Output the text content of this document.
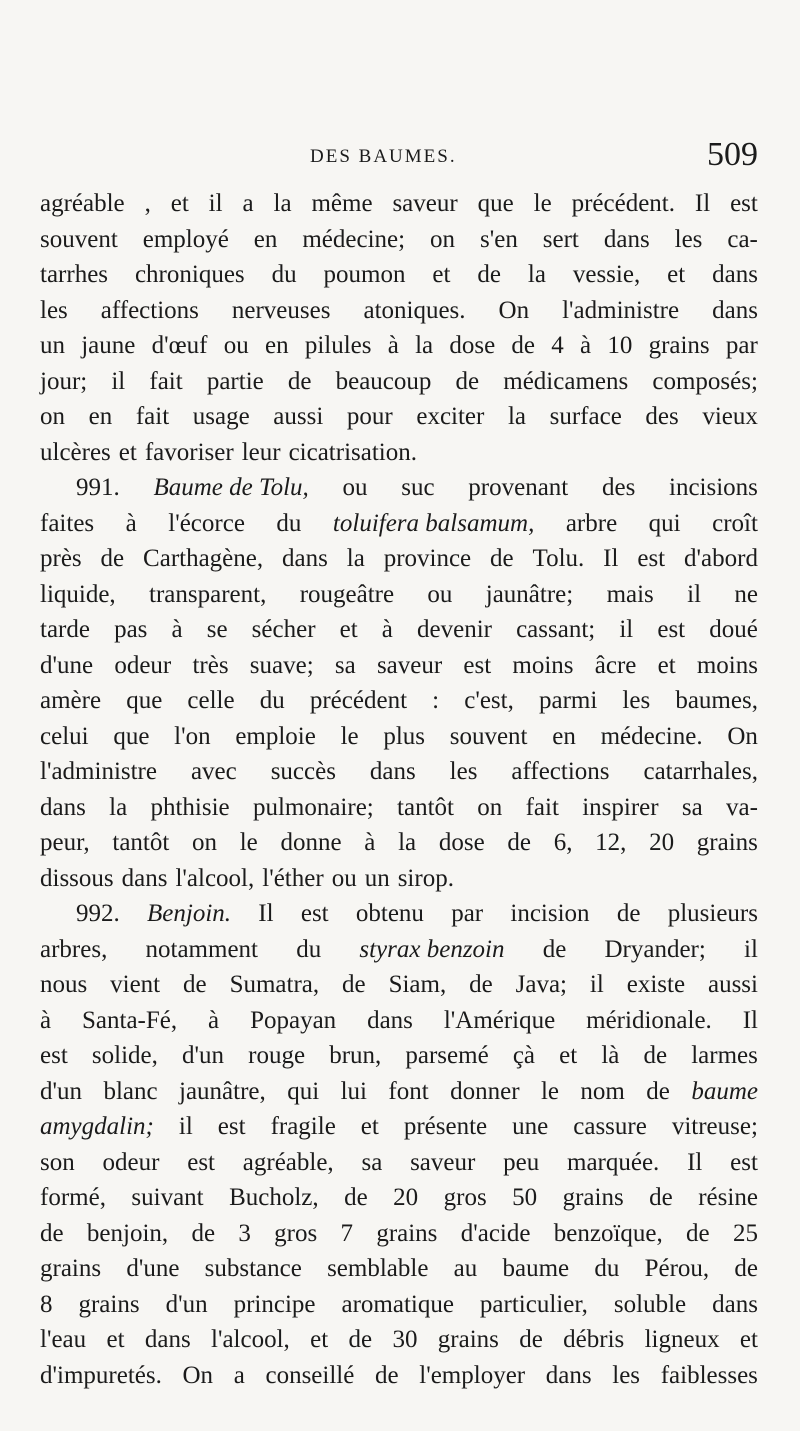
DES BAUMES.	509
agréable , et il a la même saveur que le précédent. Il est
souvent employé en médecine; on s'en sert dans les ca-
tarrhes chroniques du poumon et de la vessie, et dans
les affections nerveuses atoniques. On l'administre dans
un jaune d'œuf ou en pilules à la dose de 4 à 10 grains par
jour; il fait partie de beaucoup de médicamens composés;
on en fait usage aussi pour exciter la surface des vieux
ulcères et favoriser leur cicatrisation.
991. Baume de Tolu, ou suc provenant des incisions
faites à l'écorce du toluifera balsamum, arbre qui croît
près de Carthagène, dans la province de Tolu. Il est d'abord
liquide, transparent, rougeâtre ou jaunâtre; mais il ne
tarde pas à se sécher et à devenir cassant; il est doué
d'une odeur très suave; sa saveur est moins âcre et moins
amère que celle du précédent : c'est, parmi les baumes,
celui que l'on emploie le plus souvent en médecine. On
l'administre avec succès dans les affections catarrhales,
dans la phthisie pulmonaire; tantôt on fait inspirer sa va-
peur, tantôt on le donne à la dose de 6, 12, 20 grains
dissous dans l'alcool, l'éther ou un sirop.
992. Benjoin. Il est obtenu par incision de plusieurs
arbres, notamment du styrax benzoin de Dryander; il
nous vient de Sumatra, de Siam, de Java; il existe aussi
à Santa-Fé, à Popayan dans l'Amérique méridionale. Il
est solide, d'un rouge brun, parsemé çà et là de larmes
d'un blanc jaunâtre, qui lui font donner le nom de baume
amygdalin; il est fragile et présente une cassure vitreuse;
son odeur est agréable, sa saveur peu marquée. Il est
formé, suivant Bucholz, de 20 gros 50 grains de résine
de benjoin, de 3 gros 7 grains d'acide benzoïque, de 25
grains d'une substance semblable au baume du Pérou, de
8 grains d'un principe aromatique particulier, soluble dans
l'eau et dans l'alcool, et de 30 grains de débris ligneux et
d'impuretés. On a conseillé de l'employer dans les faiblesses
